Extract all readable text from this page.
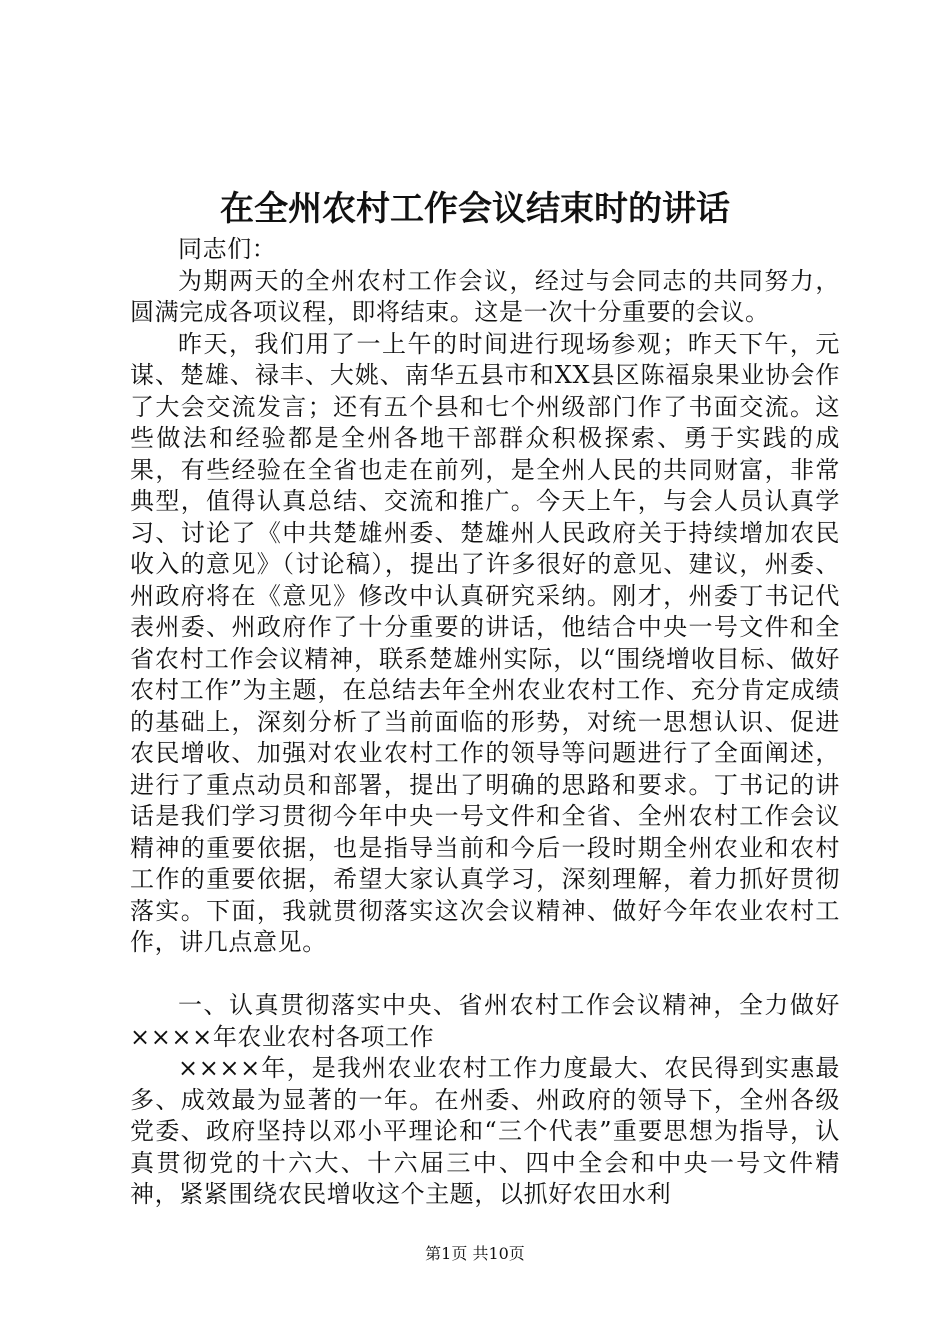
在全州农村工作会议结束时的讲话

同志们：

为期两天的全州农村工作会议，经过与会同志的共同努力，圆满完成各项议程，即将结束。这是一次十分重要的会议。

昨天，我们用了一上午的时间进行现场参观；昨天下午，元谋、楚雄、禄丰、大姚、南华五县市和XX县区陈福泉果业协会作了大会交流发言；还有五个县和七个州级部门作了书面交流。这些做法和经验都是全州各地干部群众积极探索、勇于实践的成果，有些经验在全省也走在前列，是全州人民的共同财富，非常典型，值得认真总结、交流和推广。今天上午，与会人员认真学习、讨论了《中共楚雄州委、楚雄州人民政府关于持续增加农民收入的意见》（讨论稿），提出了许多很好的意见、建议，州委、州政府将在《意见》修改中认真研究采纳。刚才，州委丁书记代表州委、州政府作了十分重要的讲话，他结合中央一号文件和全省农村工作会议精神，联系楚雄州实际，以“围绕增收目标、做好农村工作”为主题，在总结去年全州农业农村工作、充分肯定成绩的基础上，深刻分析了当前面临的形势，对统一思想认识、促进农民增收、加强对农业农村工作的领导等问题进行了全面阐述，进行了重点动员和部署，提出了明确的思路和要求。丁书记的讲话是我们学习贯彻今年中央一号文件和全省、全州农村工作会议精神的重要依据，也是指导当前和今后一段时期全州农业和农村工作的重要依据，希望大家认真学习，深刻理解，着力抓好贯彻落实。下面，我就贯彻落实这次会议精神、做好今年农业农村工作，讲几点意见。

一、认真贯彻落实中央、省州农村工作会议精神，全力做好××××年农业农村各项工作

××××年，是我州农业农村工作力度最大、农民得到实惠最多、成效最为显著的一年。在州委、州政府的领导下，全州各级党委、政府坚持以邓小平理论和“三个代表”重要思想为指导，认真贯彻党的十六大、十六届三中、四中全会和中央一号文件精神，紧紧围绕农民增收这个主题，以抓好农田水利

第1页 共10页
